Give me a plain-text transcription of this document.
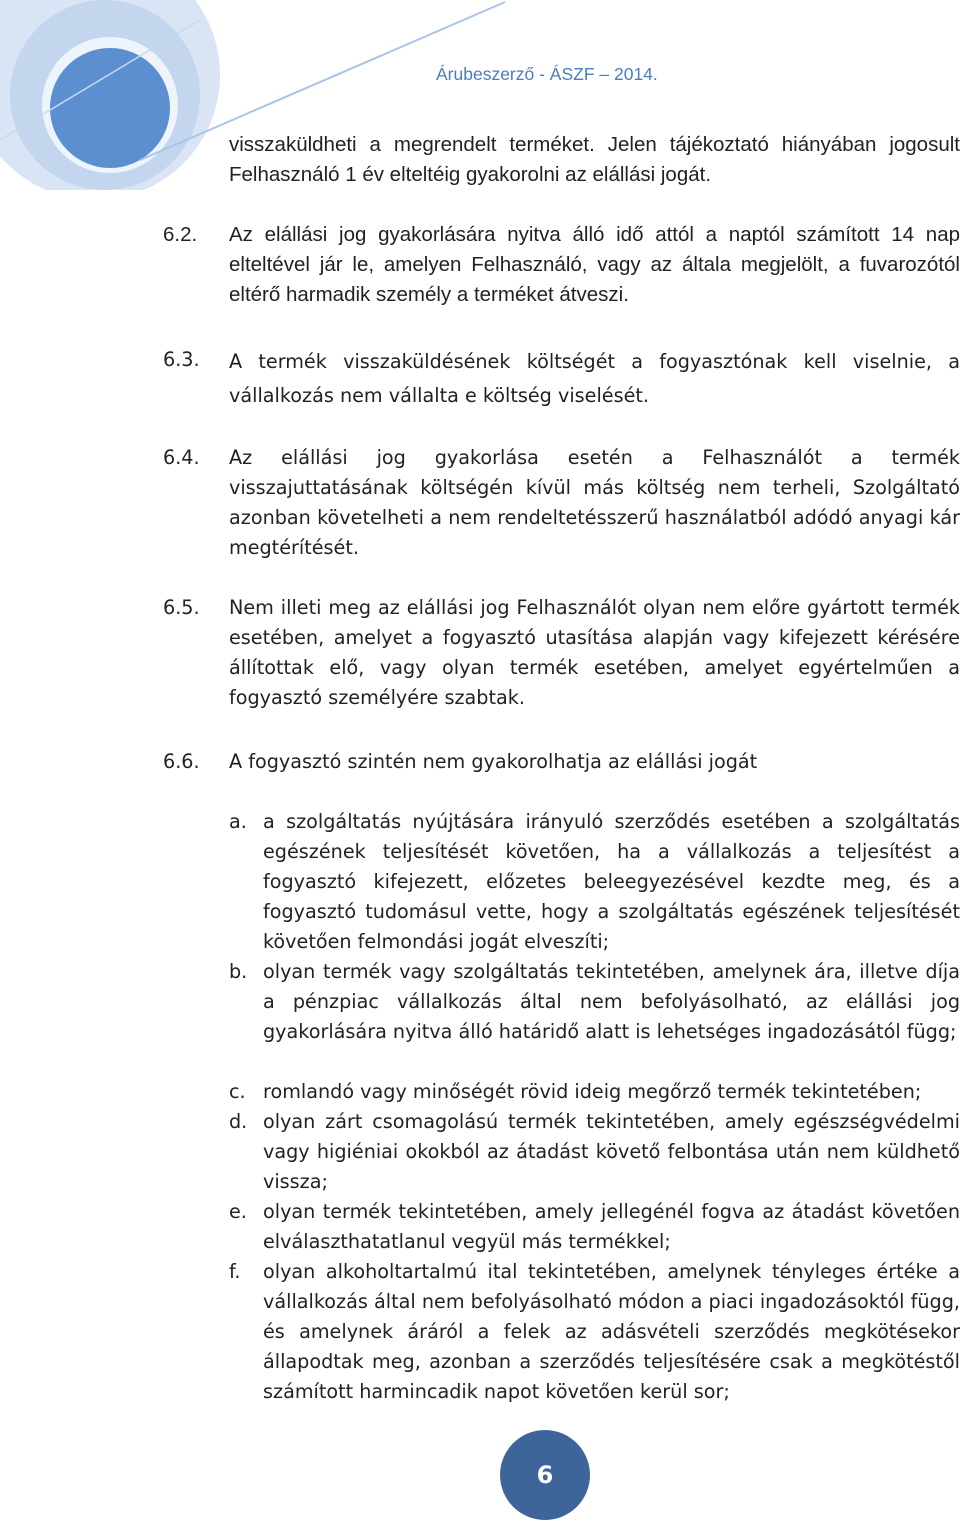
Árubeszerző - ÁSZF – 2014.

visszaküldheti a megrendelt terméket. Jelen tájékoztató hiányában jogosult Felhasználó 1 év elteltéig gyakorolni az elállási jogát.

6.2.	Az elállási jog gyakorlására nyitva álló idő attól a naptól számított 14 nap elteltével jár le, amelyen Felhasználó, vagy az általa megjelölt, a fuvarozótól eltérő harmadik személy a terméket átveszi.
6.3.	A termék visszaküldésének költségét a fogyasztónak kell viselnie, a vállalkozás nem vállalta e költség viselését.
6.4.	Az elállási jog gyakorlása esetén a Felhasználót a termék visszajuttatásának költségén kívül más költség nem terheli, Szolgáltató azonban követelheti a nem rendeltetésszerű használatból adódó anyagi kár megtérítését.
6.5.	Nem illeti meg az elállási jog Felhasználót olyan nem előre gyártott termék esetében, amelyet a fogyasztó utasítása alapján vagy kifejezett kérésére állítottak elő, vagy olyan termék esetében, amelyet egyértelműen a fogyasztó személyére szabtak.
6.6.	A fogyasztó szintén nem gyakorolhatja az elállási jogát
a. a szolgáltatás nyújtására irányuló szerződés esetében a szolgáltatás egészének teljesítését követően, ha a vállalkozás a teljesítést a fogyasztó kifejezett, előzetes beleegyezésével kezdte meg, és a fogyasztó tudomásul vette, hogy a szolgáltatás egészének teljesítését követően felmondási jogát elveszíti;
b. olyan termék vagy szolgáltatás tekintetében, amelynek ára, illetve díja a pénzpiac vállalkozás által nem befolyásolható, az elállási jog gyakorlására nyitva álló határidő alatt is lehetséges ingadozásától függ;
c. romlandó vagy minőségét rövid ideig megőrző termék tekintetében;
d. olyan zárt csomagolású termék tekintetében, amely egészségvédelmi vagy higiéniai okokból az átadást követő felbontása után nem küldhető vissza;
e. olyan termék tekintetében, amely jellegénél fogva az átadást követően elválaszthatatlanul vegyül más termékkel;
f.	olyan alkoholtartalmú ital tekintetében, amelynek tényleges értéke a vállalkozás által nem befolyásolható módon a piaci ingadozásoktól függ, és amelynek áráról a felek az adásvételi szerződés megkötésekor állapodtak meg, azonban a szerződés teljesítésére csak a megkötéstől számított harmincadik napot követően kerül sor;
6
